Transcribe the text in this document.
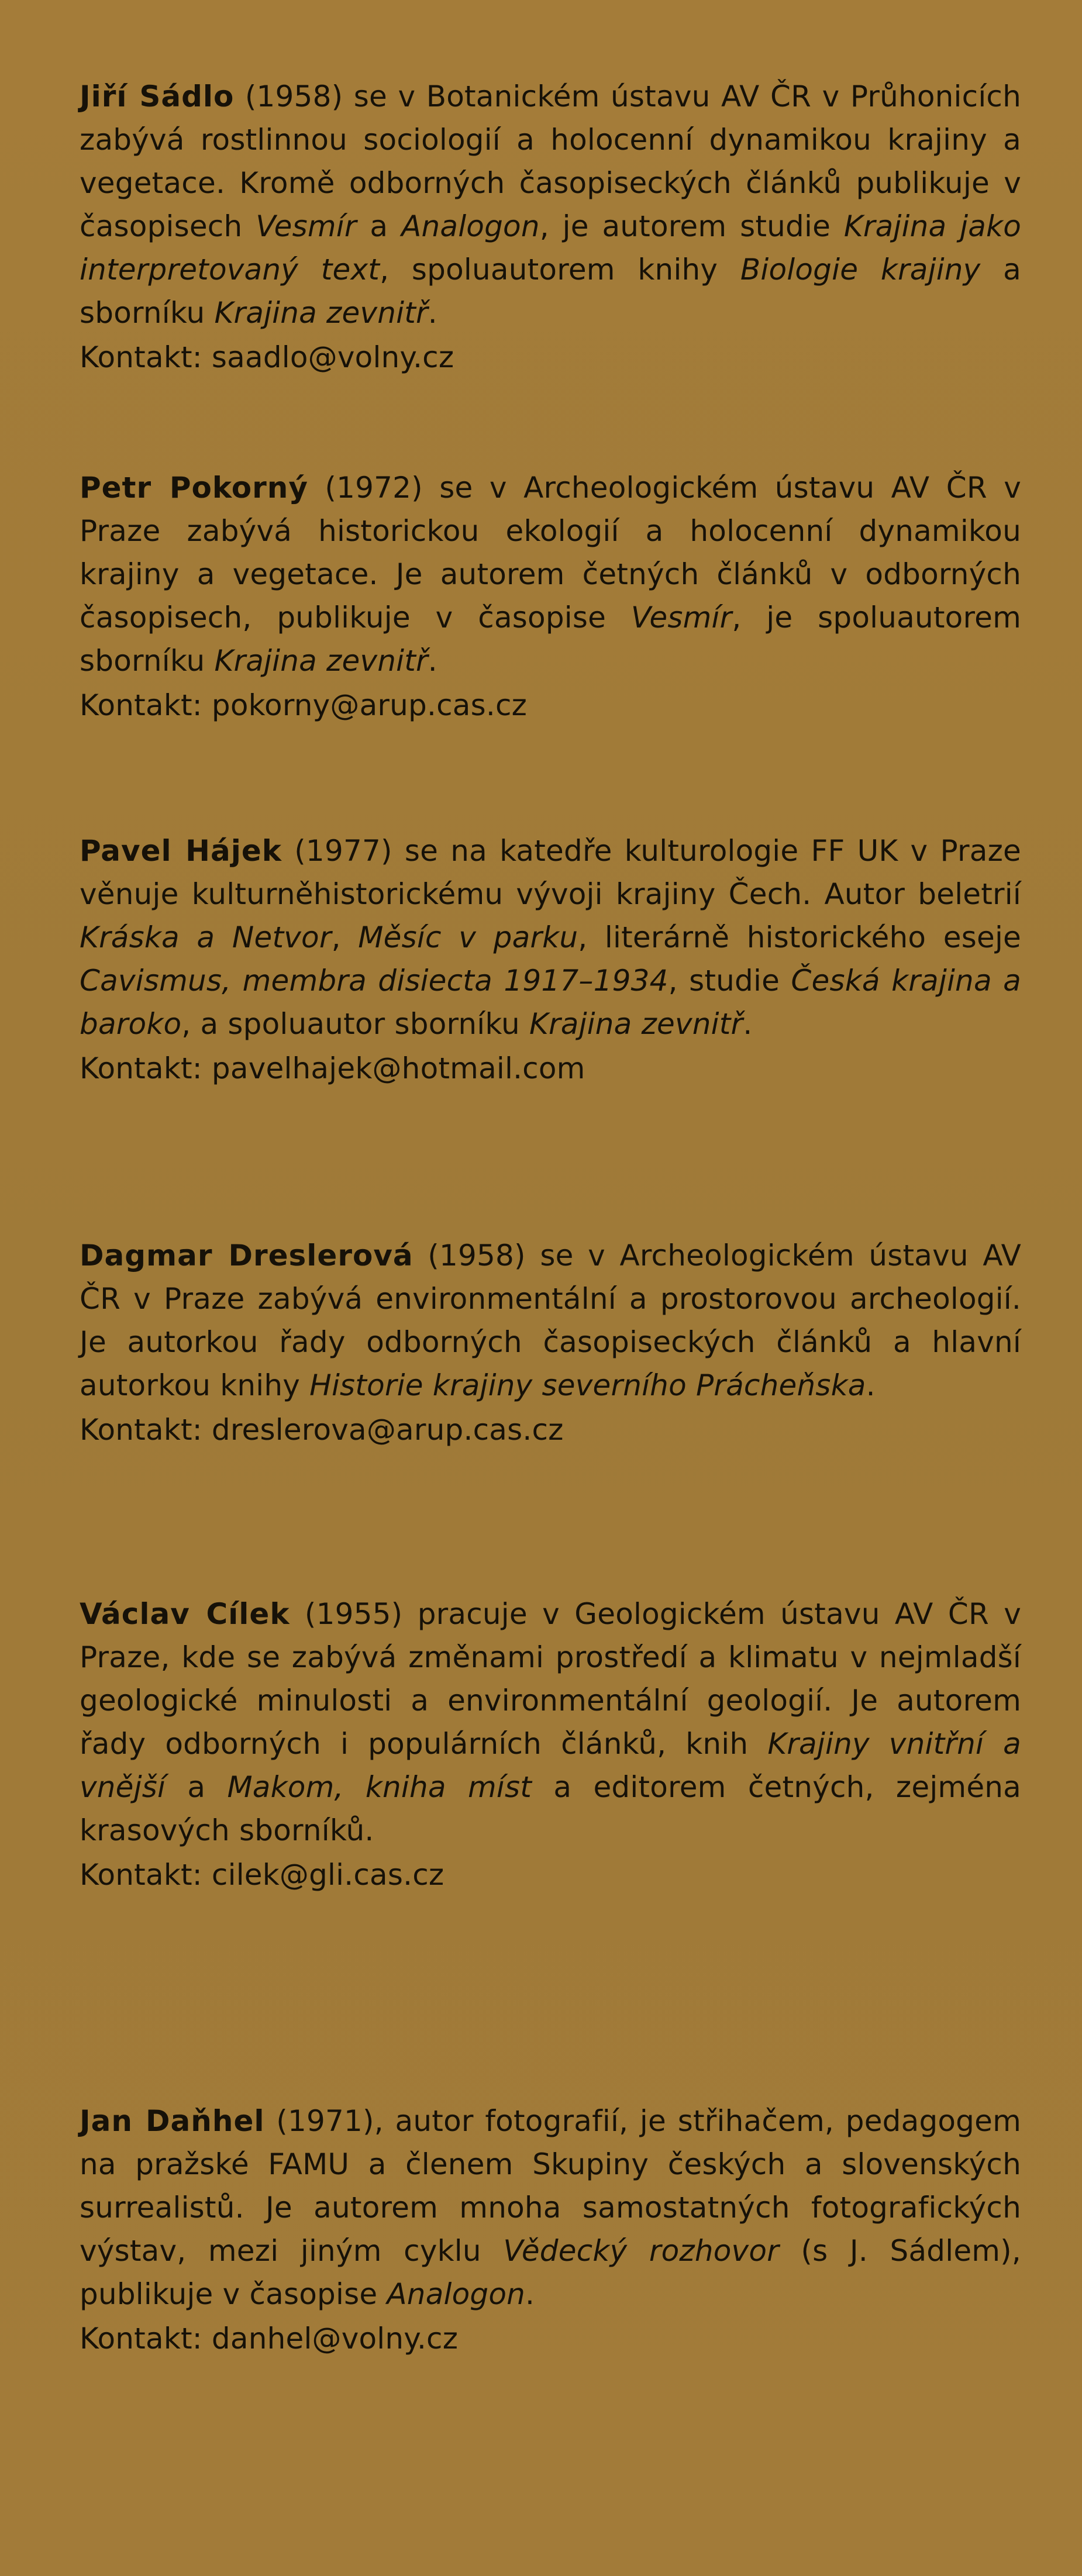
Jiří Sádlo (1958) se v Botanickém ústavu AV ČR v Průhonicích zabývá rostlinnou sociologií a holocenní dynamikou krajiny a vegetace. Kromě odborných časopiseckých článků publikuje v časopisech Vesmír a Analogon, je autorem studie Krajina jako interpretovaný text, spoluautorem knihy Biologie krajiny a sborníku Krajina zevnitř.
Kontakt: saadlo@volny.cz

Petr Pokorný (1972) se v Archeologickém ústavu AV ČR v Praze zabývá historickou ekologií a holocenní dynamikou krajiny a vegetace. Je autorem četných článků v odborných časopisech, publikuje v časopise Vesmír, je spoluautorem sborníku Krajina zevnitř.
Kontakt: pokorny@arup.cas.cz

Pavel Hájek (1977) se na katedře kulturologie FF UK v Praze věnuje kulturněhistorickému vývoji krajiny Čech. Autor beletrií Kráska a Netvor, Měsíc v parku, literárně historického eseje Cavismus, membra disiecta 1917–1934, studie Česká krajina a baroko, a spoluautor sborníku Krajina zevnitř.
Kontakt: pavelhajek@hotmail.com

Dagmar Dreslerová (1958) se v Archeologickém ústavu AV ČR v Praze zabývá environmentální a prostorovou archeologií. Je autorkou řady odborných časopiseckých článků a hlavní autorkou knihy Historie krajiny severního Prácheňska.
Kontakt: dreslerova@arup.cas.cz

Václav Cílek (1955) pracuje v Geologickém ústavu AV ČR v Praze, kde se zabývá změnami prostředí a klimatu v nejmladší geologické minulosti a environmentální geologií. Je autorem řady odborných i populárních článků, knih Krajiny vnitřní a vnější a Makom, kniha míst a editorem četných, zejména krasových sborníků.
Kontakt: cilek@gli.cas.cz

Jan Daňhel (1971), autor fotografií, je střihačem, pedagogem na pražské FAMU a členem Skupiny českých a slovenských surrealistů. Je autorem mnoha samostatných fotografických výstav, mezi jiným cyklu Vědecký rozhovor (s J. Sádlem), publikuje v časopise Analogon.
Kontakt: danhel@volny.cz
